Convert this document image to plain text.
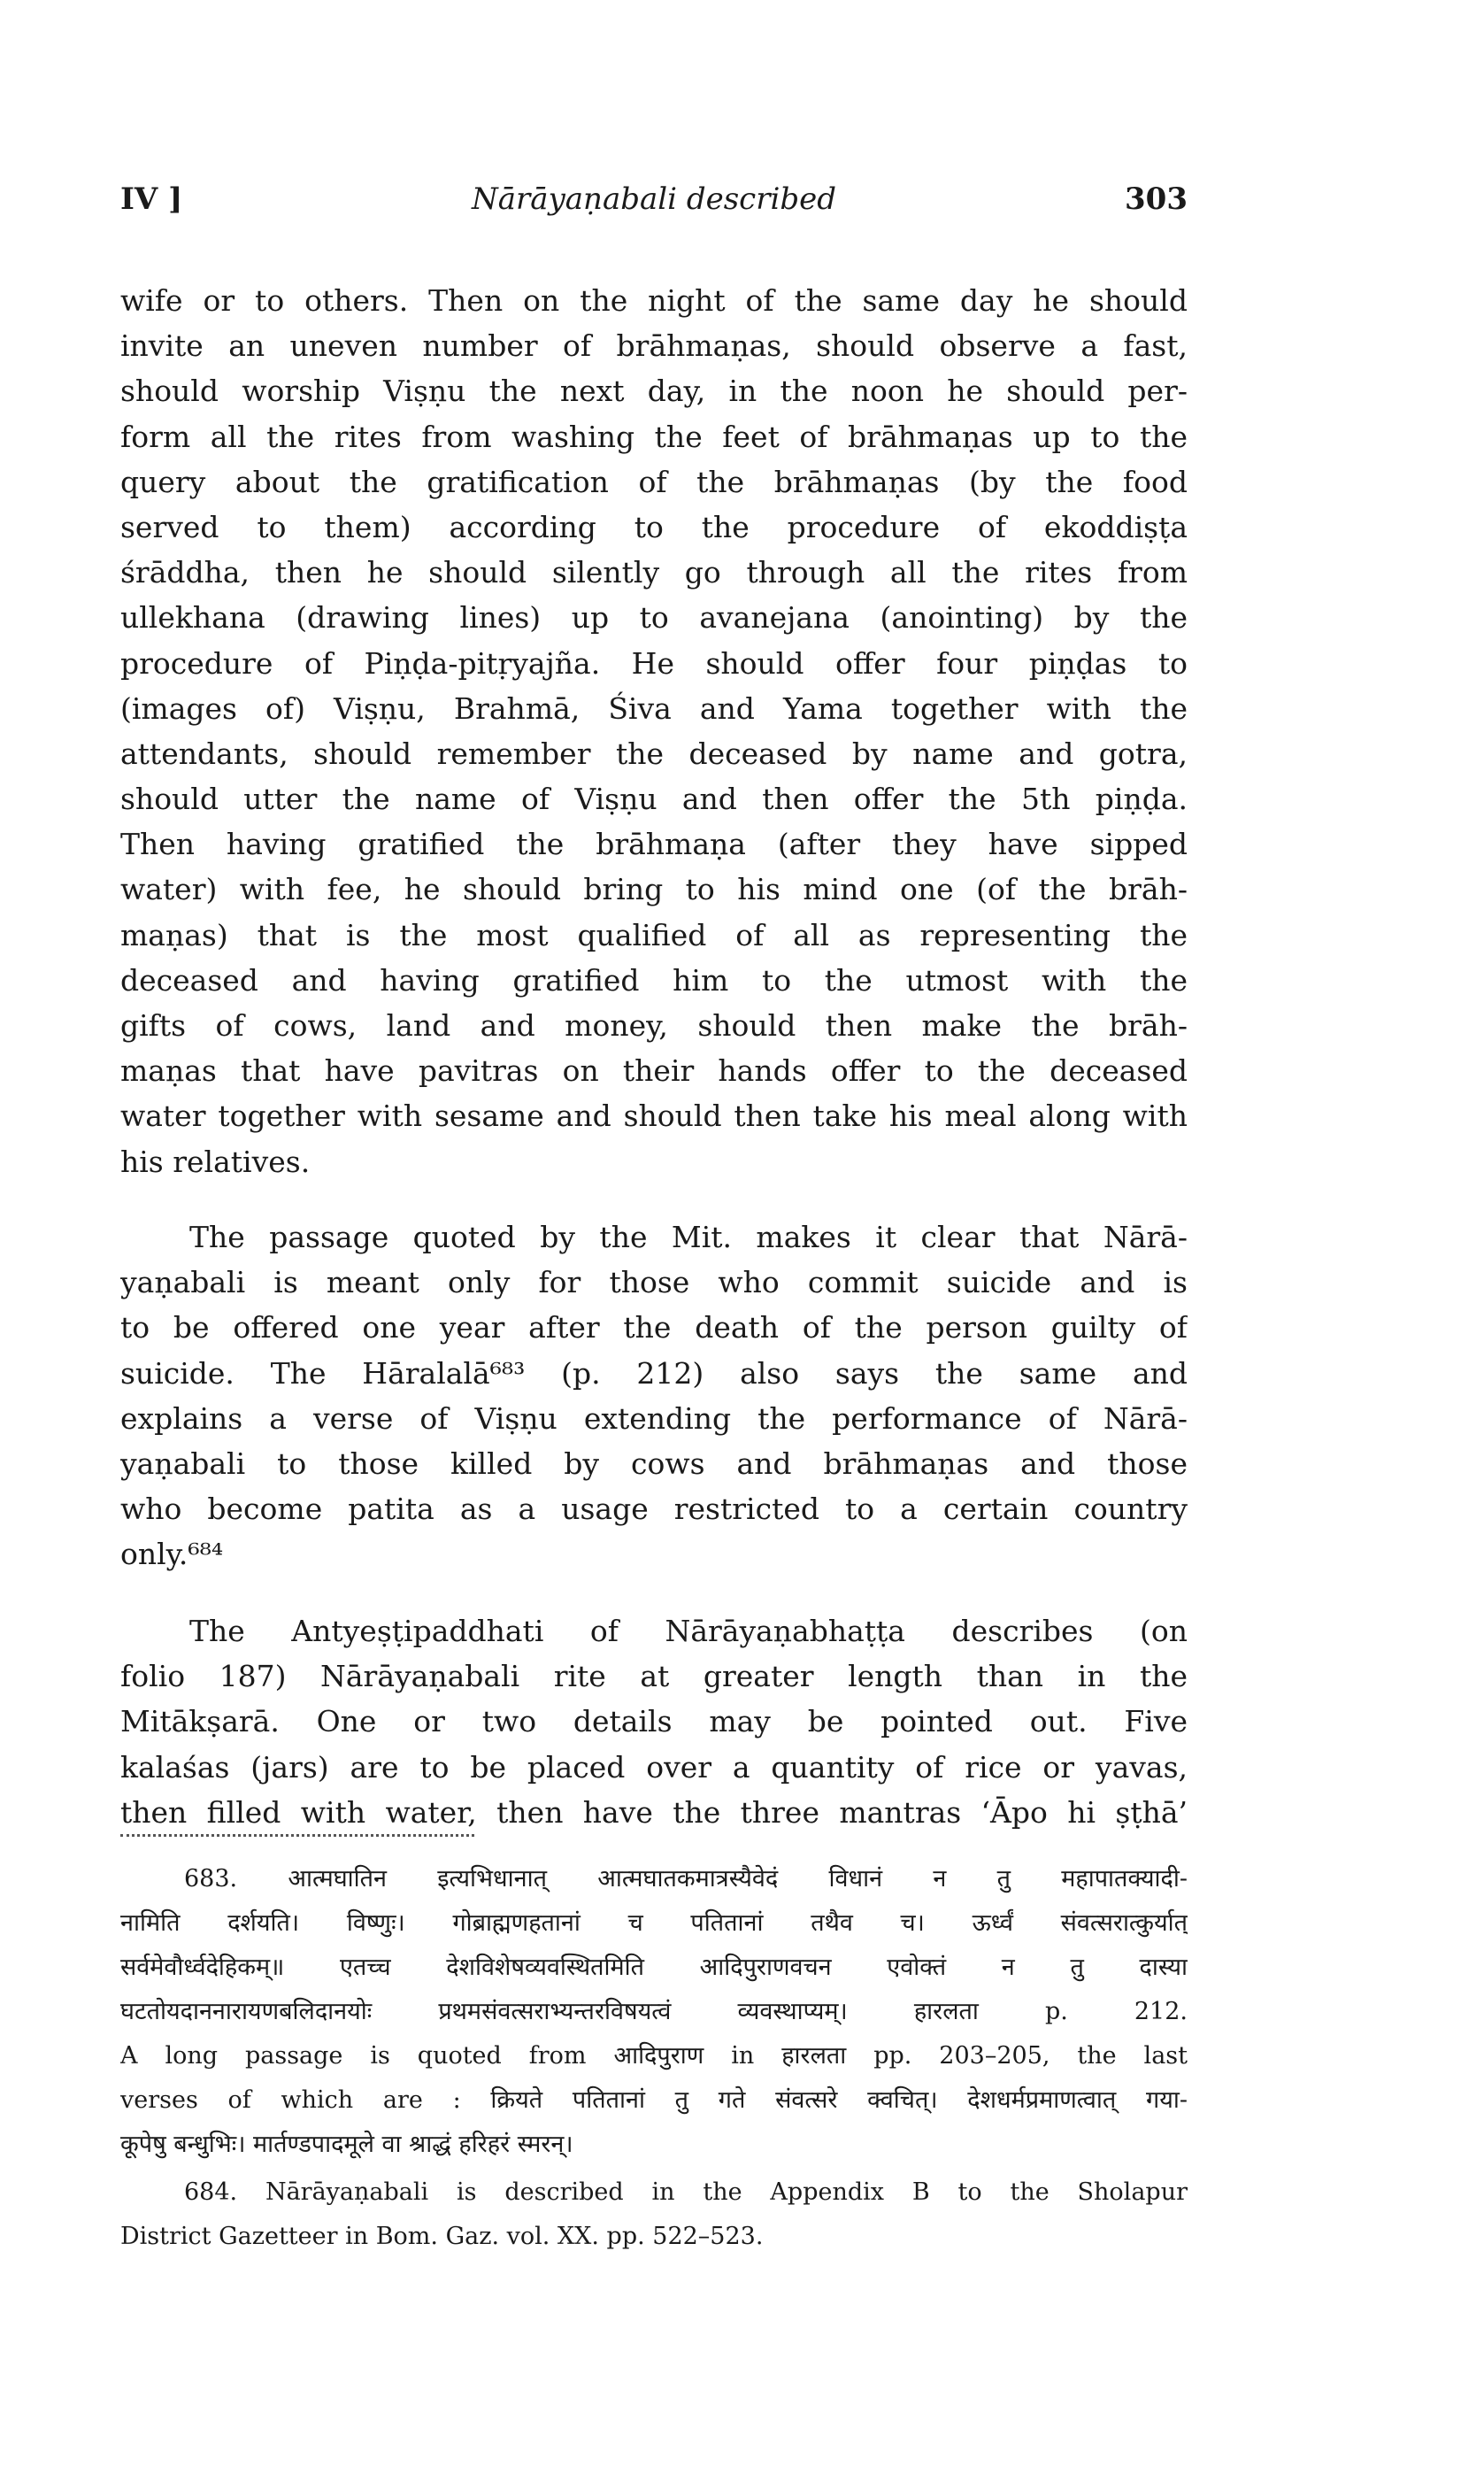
IV ]	Nārāyaṇabali described	303
wife or to others. Then on the night of the same day he should
invite an uneven number of brāhmaṇas, should observe a fast,
should worship Viṣṇu the next day, in the noon he should per-
form all the rites from washing the feet of brāhmaṇas up to the
query about the gratification of the brāhmaṇas (by the food
served to them) according to the procedure of ekoddiṣṭa
śrāddha, then he should silently go through all the rites from
ullekhana (drawing lines) up to avanejana (anointing) by the
procedure of Piṇḍa-pitṛyajña. He should offer four piṇḍas to
(images of) Viṣṇu, Brahmā, Śiva and Yama together with the
attendants, should remember the deceased by name and gotra,
should utter the name of Viṣṇu and then offer the 5th piṇḍa.
Then having gratified the brāhmaṇa (after they have sipped
water) with fee, he should bring to his mind one (of the brāh-
maṇas) that is the most qualified of all as representing the
deceased and having gratified him to the utmost with the
gifts of cows, land and money, should then make the brāh-
maṇas that have pavitras on their hands offer to the deceased
water together with sesame and should then take his meal along with
his relatives.
The passage quoted by the Mit. makes it clear that Nārā-
yaṇabali is meant only for those who commit suicide and is
to be offered one year after the death of the person guilty of
suicide. The Hāralalā⁶⁸³ (p. 212) also says the same and
explains a verse of Viṣṇu extending the performance of Nārā-
yaṇabali to those killed by cows and brāhmaṇas and those
who become patita as a usage restricted to a certain country
only.⁶⁸⁴
The Antyeṣṭipaddhati of Nārāyaṇabhaṭṭa describes (on
folio 187) Nārāyaṇabali rite at greater length than in the
Mitākṣarā. One or two details may be pointed out. Five
kalaśas (jars) are to be placed over a quantity of rice or yavas,
then filled with water, then have the three mantras ‘Āpo hi ṣṭhā’
683. आत्मघातिन इत्यभिधानात् आत्मघातकमात्रस्यैवेदं विधानं न तु महापातक्यादी-
नामिति दर्शयति। विष्णुः। गोब्राह्मणहतानां च पतितानां तथैव च। ऊर्ध्वं संवत्सरात्कुर्यात्
सर्वमेवौर्ध्वदेहिकम्॥ एतच्च देशविशेषव्यवस्थितमिति आदिपुराणवचन एवोक्तं न तु दास्या
घटतोयदाननारायणबलिदानयोः प्रथमसंवत्सराभ्यन्तरविषयत्वं व्यवस्थाप्यम्। हारलता p. 212.
A long passage is quoted from आदिपुराण in हारलता pp. 203–205, the last
verses of which are : क्रियते पतितानां तु गते संवत्सरे क्वचित्। देशधर्मप्रमाणत्वात् गया-
कूपेषु बन्धुभिः। मार्तण्डपादमूले वा श्राद्धं हरिहरं स्मरन्।
684. Nārāyaṇabali is described in the Appendix B to the Sholapur
District Gazetteer in Bom. Gaz. vol. XX. pp. 522–523.
